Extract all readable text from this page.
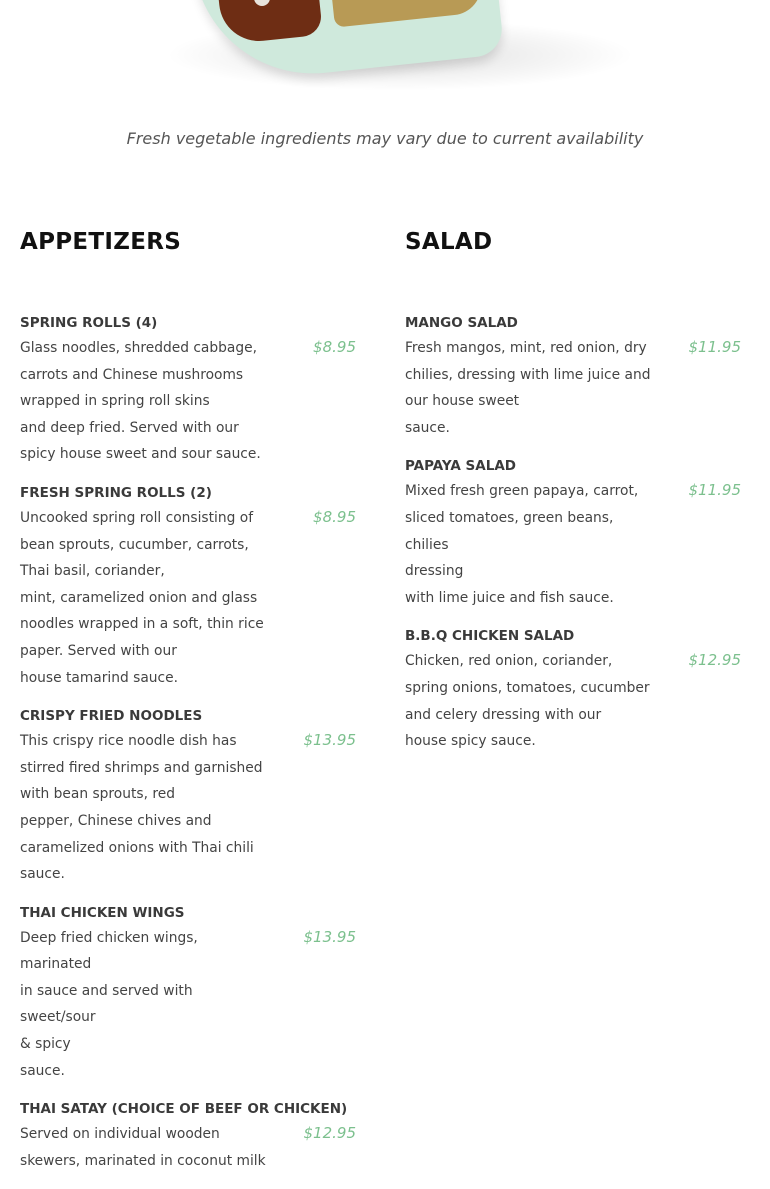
Fresh vegetable ingredients may vary due to current availability

APPETIZERS
SPRING ROLLS (4)
Glass noodles, shredded cabbage,
carrots and Chinese mushrooms
wrapped in spring roll skins
and deep fried. Served with our
spicy house sweet and sour sauce.
$8.95
FRESH SPRING ROLLS (2)
Uncooked spring roll consisting of
bean sprouts, cucumber, carrots,
Thai basil, coriander,
mint, caramelized onion and glass
noodles wrapped in a soft, thin rice
paper. Served with our
house tamarind sauce.
$8.95
CRISPY FRIED NOODLES
This crispy rice noodle dish has
stirred fired shrimps and garnished
with bean sprouts, red
pepper, Chinese chives and
caramelized onions with Thai chili
sauce.
$13.95
THAI CHICKEN WINGS
Deep fried chicken wings, marinated
in sauce and served with sweet/sour
& spicy
sauce.
$13.95
THAI SATAY (CHOICE OF BEEF OR CHICKEN)
Served on individual wooden
skewers, marinated in coconut milk
$12.95
SALAD
MANGO SALAD
Fresh mangos, mint, red onion, dry
chilies, dressing with lime juice and
our house sweet
sauce.
$11.95
PAPAYA SALAD
Mixed fresh green papaya, carrot,
sliced tomatoes, green beans, chilies
dressing
with lime juice and fish sauce.
$11.95
B.B.Q CHICKEN SALAD
Chicken, red onion, coriander,
spring onions, tomatoes, cucumber
and celery dressing with our
house spicy sauce.
$12.95
